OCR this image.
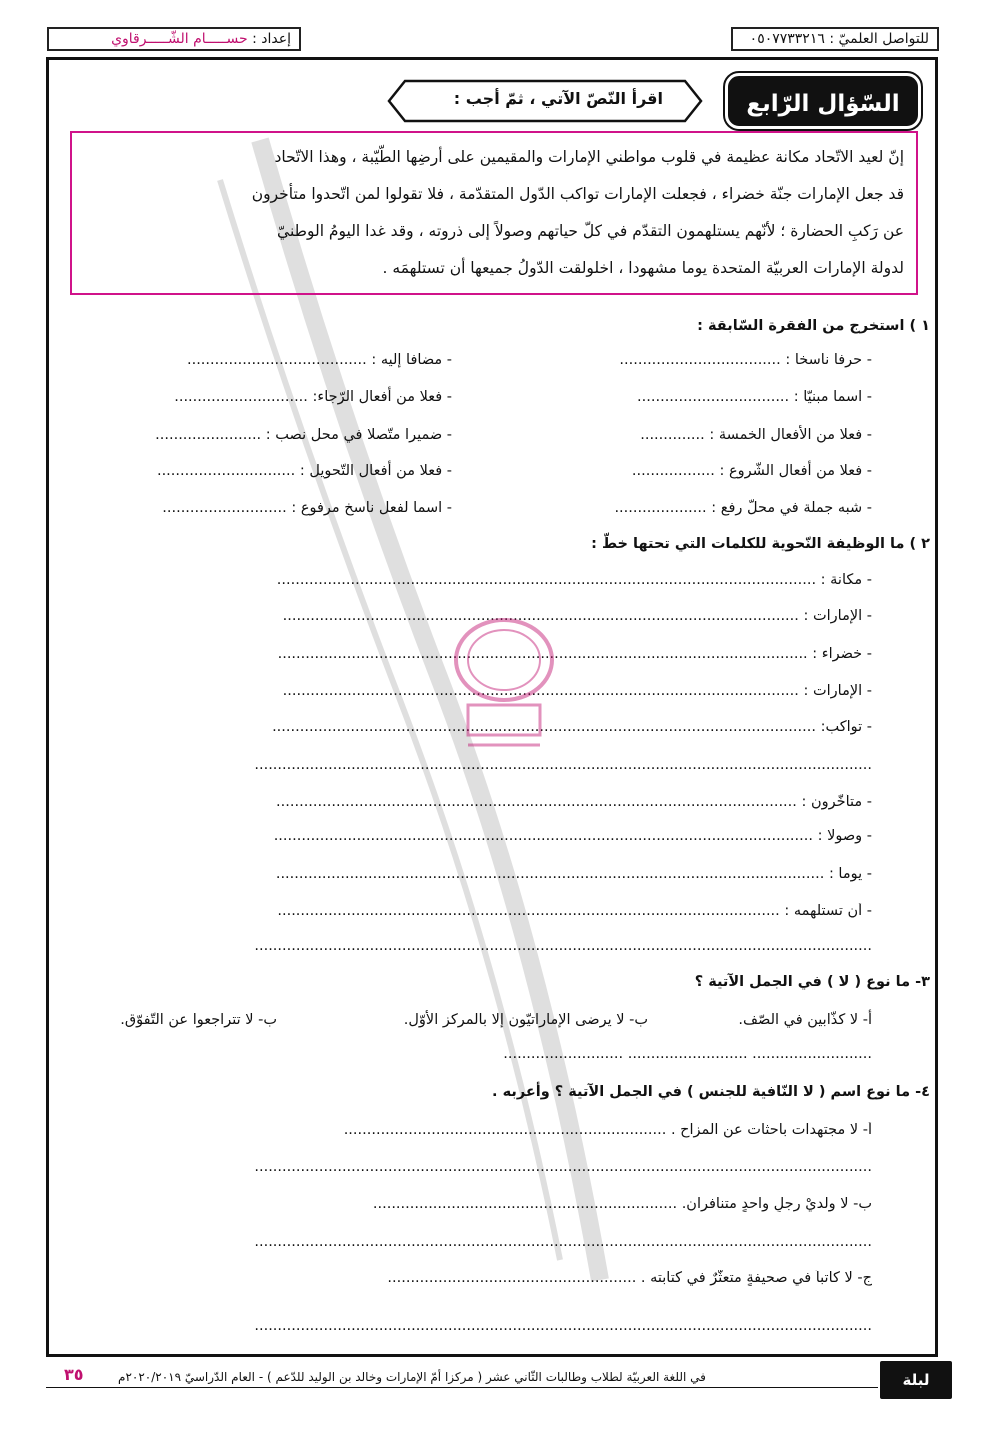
للتواصل العلميّ : ٠٥٠٧٧٣٣٢١٦
إعداد : حســـــام الشّـــــرقاوي
السّؤال الرّابع
اقرأ النّصّ الآتي ، ثمّ أجب :

إنّ لعيد الاتّحاد مكانة عظيمة في قلوب مواطني الإمارات والمقيمين على أرضِها الطّيّبة ، وهذا الاتّحاد

قد جعل الإمارات جنّة خضراء ، فجعلت الإمارات تواكب الدّول المتقدّمة ، فلا تقولوا لمن اتّحدوا متأخرون

عن رَكبِ الحضارة ؛ لأنّهم يستلهمون التقدّم في كلّ حياتهم وصولاً إلى ذروته ، وقد غدا اليومُ الوطنيّ

لدولة الإمارات العربيّة المتحدة يوما مشهودا ، اخلولقت الدّولُ جميعها أن تستلهمَه .

١ ) استخرج من الفقرة السّابقة :
- حرفا ناسخا : ...................................
- اسما مبنيّا : .................................
- فعلا من الأفعال الخمسة : ..............
- فعلا من أفعال الشّروع : ..................
- شبه جملة في محلّ رفع : ....................
- مضافا إليه : .......................................
- فعلا من أفعال الرّجاء: .............................
- ضميرا متّصلا في محل نصب : .......................
- فعلا من أفعال التّحويل : ..............................
- اسما لفعل ناسخ مرفوع : ...........................
٢ ) ما الوظيفة النّحوية للكلمات التي تحتها خطّ :
- مكانة : .....................................................................................................................
- الإمارات : ................................................................................................................
- خضراء : ...................................................................................................................
- الإمارات : ................................................................................................................
- تواكب: ......................................................................................................................
......................................................................................................................................
- متأخّرون : .................................................................................................................
- وصولا : .....................................................................................................................
- يوما : .......................................................................................................................
- أن تستلهمه : .............................................................................................................
......................................................................................................................................
٣- ما نوع ( لا ) في الجمل الآتية ؟
أ- لا كذّابين في الصّف.
ب- لا يرضى الإماراتيّون إلا بالمركز الأوّل.
ب- لا تتراجعوا عن التّفوّق.
.......................... .......................... ..........................
٤- ما نوع اسم ( لا النّافية للجنس ) في الجمل الآتية ؟ وأعربه .
أ- لا مجتهدات باحثات عن المزاح . ......................................................................
......................................................................................................................................
ب- لا ولديْ رجلٍ واحدٍ متنافران. ..................................................................
......................................................................................................................................
ج- لا كاتباً في صحيفةٍ متعثّرٌ في كتابته . ......................................................
......................................................................................................................................
لبلة الامتحان
في اللغة العربيّة لطلاب وطالبات الثّاني عشر ( مركزا أمّ الإمارات وخالد بن الوليد للدّعم ) - العام الدّراسيّ ٢٠٢٠/٢٠١٩م
٣٥
